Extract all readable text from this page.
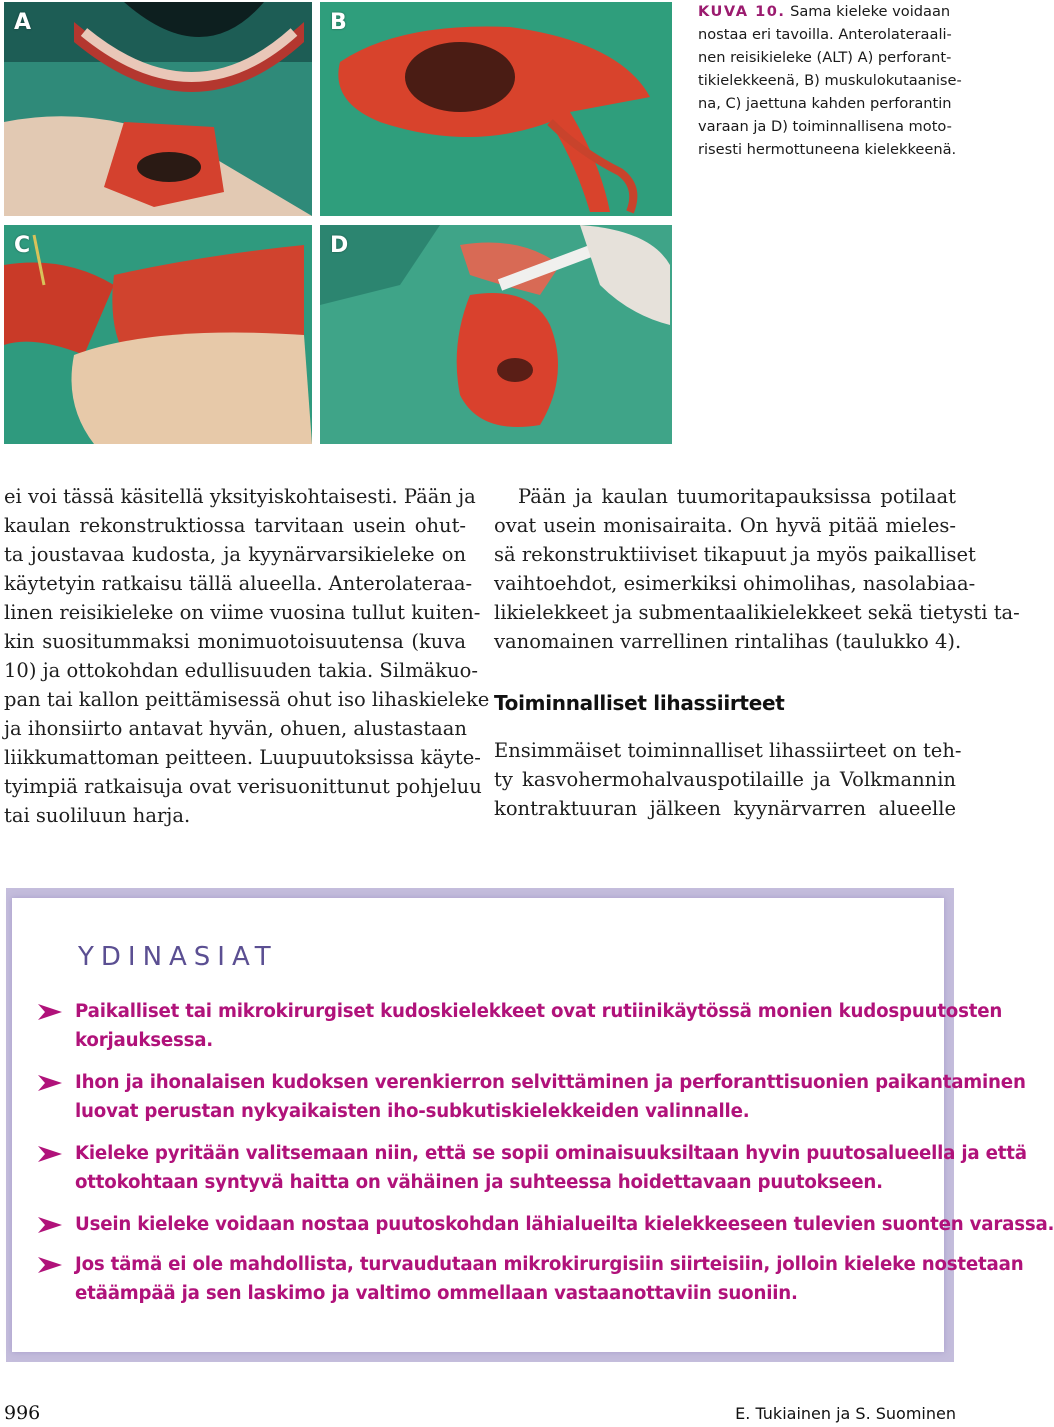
A	B
C	D
KUVA 10. Sama kieleke voidaan
nostaa eri tavoilla. Anterolateraali-
nen reisikieleke (ALT) A) perforant-
tikielekkeenä, B) muskulokutaanise-
na, C) jaettuna kahden perforantin
varaan ja D) toiminnallisena moto-
risesti hermottuneena kielekkeenä.
ei voi tässä käsitellä yksityiskohtaisesti. Pään ja
kaulan rekonstruktiossa tarvitaan usein ohut-
ta joustavaa kudosta, ja kyynärvarsikieleke on
käytetyin ratkaisu tällä alueella. Anterolateraa-
linen reisikieleke on viime vuosina tullut kuiten-
kin suositummaksi monimuotoisuutensa (kuva
10) ja ottokohdan edullisuuden takia. Silmäkuo-
pan tai kallon peittämisessä ohut iso lihaskieleke
ja ihonsiirto antavat hyvän, ohuen, alustastaan
liikkumattoman peitteen. Luupuutoksissa käyte-
tyimpiä ratkaisuja ovat verisuonittunut pohjeluu
tai suoliluun harja.
Pään ja kaulan tuumoritapauksissa potilaat
ovat usein monisairaita. On hyvä pitää mieles-
sä rekonstruktiiviset tikapuut ja myös paikalliset
vaihtoehdot, esimerkiksi ohimolihas, nasolabiaa-
likielekkeet ja submentaalikielekkeet sekä tietysti ta-
vanomainen varrellinen rintalihas (taulukko 4).
Toiminnalliset lihassiirteet
Ensimmäiset toiminnalliset lihassiirteet on teh-
ty kasvohermohalvauspotilaille ja Volkmannin
kontraktuuran jälkeen kyynärvarren alueelle
YDINASIAT
Paikalliset tai mikrokirurgiset kudoskielekkeet ovat rutiinikäytössä monien kudospuutosten
korjauksessa.
Ihon ja ihonalaisen kudoksen verenkierron selvittäminen ja perforanttisuonien paikantaminen
luovat perustan nykyaikaisten iho-subkutiskielekkeiden valinnalle.
Kieleke pyritään valitsemaan niin, että se sopii ominaisuuksiltaan hyvin puutosalueella ja että
ottokohtaan syntyvä haitta on vähäinen ja suhteessa hoidettavaan puutokseen.
Usein kieleke voidaan nostaa puutoskohdan lähialueilta kielekkeeseen tulevien suonten varassa.
Jos tämä ei ole mahdollista, turvaudutaan mikrokirurgisiin siirteisiin, jolloin kieleke nostetaan
etäämpää ja sen laskimo ja valtimo ommellaan vastaanottaviin suoniin.
996	E. Tukiainen ja S. Suominen
